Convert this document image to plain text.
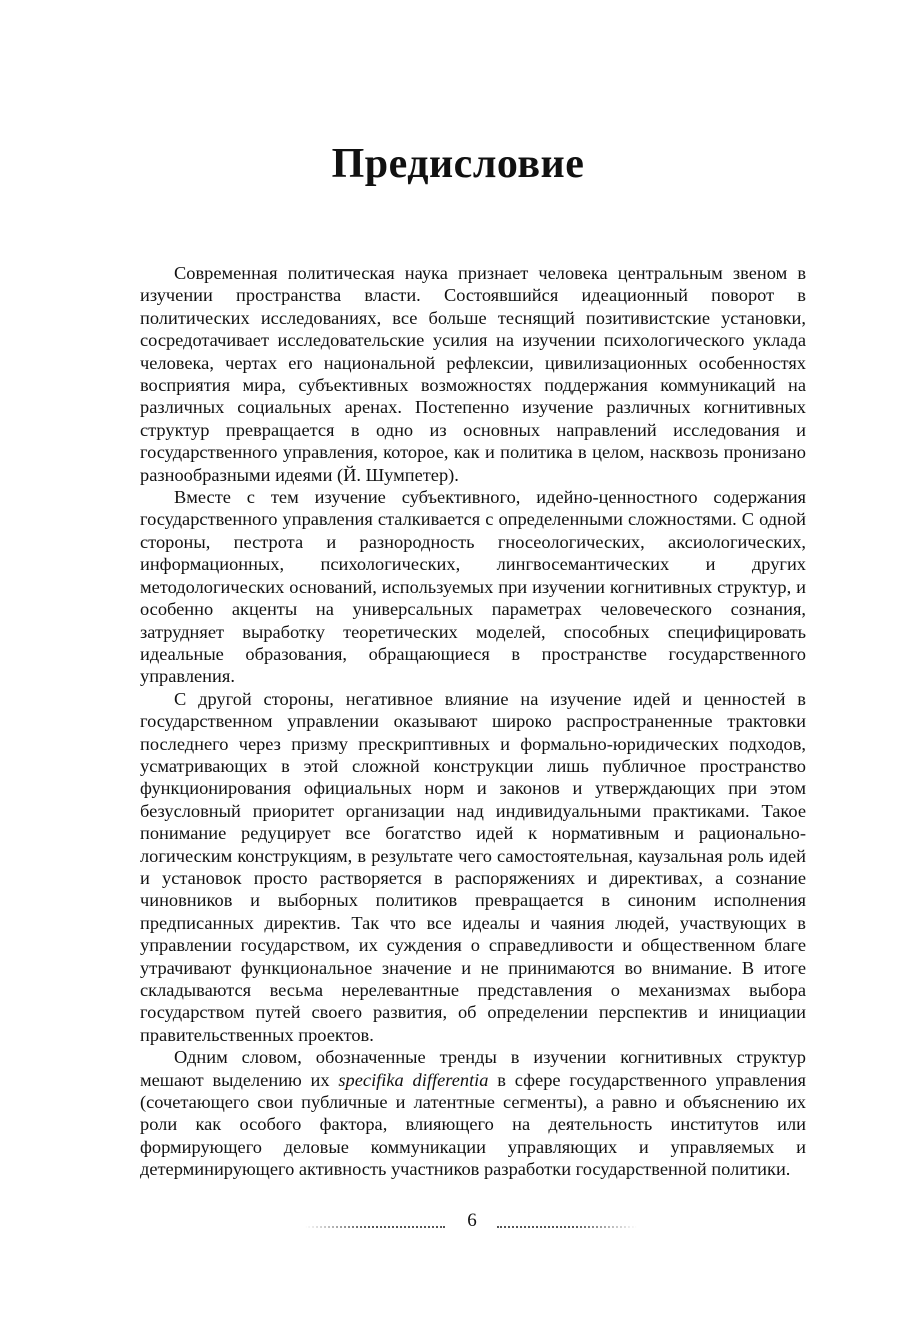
Предисловие

Современная политическая наука признает человека центральным звеном в изучении пространства власти. Состоявшийся идеационный поворот в политических исследованиях, все больше теснящий позитивистские установки, сосредотачивает исследовательские усилия на изучении психологического уклада человека, чертах его национальной рефлексии, цивилизационных особенностях восприятия мира, субъективных возможностях поддержания коммуникаций на различных социальных аренах. Постепенно изучение различных когнитивных структур превращается в одно из основных направлений исследования и государственного управления, которое, как и политика в целом, насквозь пронизано разнообразными идеями (Й. Шумпетер).

Вместе с тем изучение субъективного, идейно-ценностного содержания государственного управления сталкивается с определенными сложностями. С одной стороны, пестрота и разнородность гносеологических, аксиологических, информационных, психологических, лингвосемантических и других методологических оснований, используемых при изучении когнитивных структур, и особенно акценты на универсальных параметрах человеческого сознания, затрудняет выработку теоретических моделей, способных специфицировать идеальные образования, обращающиеся в пространстве государственного управления.

С другой стороны, негативное влияние на изучение идей и ценностей в государственном управлении оказывают широко распространенные трактовки последнего через призму прескриптивных и формально-юридических подходов, усматривающих в этой сложной конструкции лишь публичное пространство функционирования официальных норм и законов и утверждающих при этом безусловный приоритет организации над индивидуальными практиками. Такое понимание редуцирует все богатство идей к нормативным и рационально-логическим конструкциям, в результате чего самостоятельная, каузальная роль идей и установок просто растворяется в распоряжениях и директивах, а сознание чиновников и выборных политиков превращается в синоним исполнения предписанных директив. Так что все идеалы и чаяния людей, участвующих в управлении государством, их суждения о справедливости и общественном благе утрачивают функциональное значение и не принимаются во внимание. В итоге складываются весьма нерелевантные представления о механизмах выбора государством путей своего развития, об определении перспектив и инициации правительственных проектов.

Одним словом, обозначенные тренды в изучении когнитивных структур мешают выделению их specifika differentia в сфере государственного управления (сочетающего свои публичные и латентные сегменты), а равно и объяснению их роли как особого фактора, влияющего на деятельность институтов или формирующего деловые коммуникации управляющих и управляемых и детерминирующего активность участников разработки государственной политики.

6
